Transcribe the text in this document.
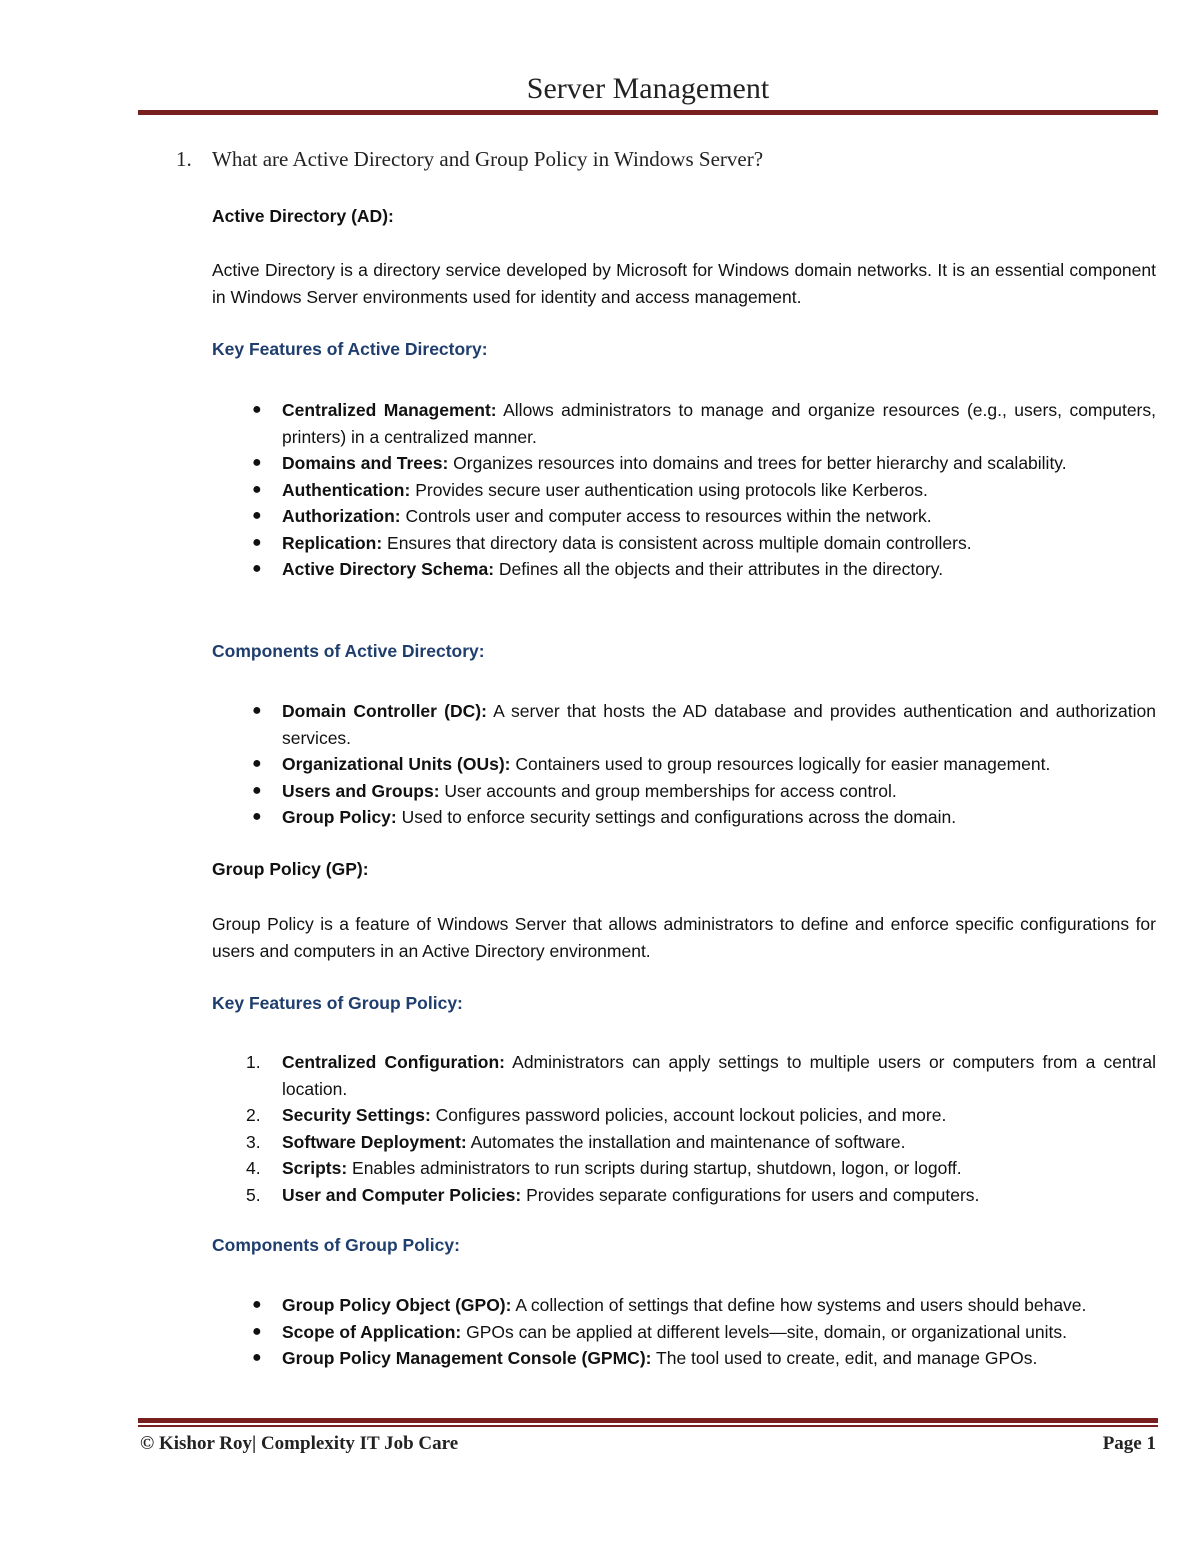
Server Management
1. What are Active Directory and Group Policy in Windows Server?
Active Directory (AD):

Active Directory is a directory service developed by Microsoft for Windows domain networks. It is an essential component in Windows Server environments used for identity and access management.

Key Features of Active Directory:
● Centralized Management: Allows administrators to manage and organize resources (e.g., users, computers, printers) in a centralized manner.
● Domains and Trees: Organizes resources into domains and trees for better hierarchy and scalability.
● Authentication: Provides secure user authentication using protocols like Kerberos.
● Authorization: Controls user and computer access to resources within the network.
● Replication: Ensures that directory data is consistent across multiple domain controllers.
● Active Directory Schema: Defines all the objects and their attributes in the directory.
Components of Active Directory:
● Domain Controller (DC): A server that hosts the AD database and provides authentication and authorization services.
● Organizational Units (OUs): Containers used to group resources logically for easier management.
● Users and Groups: User accounts and group memberships for access control.
● Group Policy: Used to enforce security settings and configurations across the domain.
Group Policy (GP):

Group Policy is a feature of Windows Server that allows administrators to define and enforce specific configurations for users and computers in an Active Directory environment.

Key Features of Group Policy:
1. Centralized Configuration: Administrators can apply settings to multiple users or computers from a central location.
2. Security Settings: Configures password policies, account lockout policies, and more.
3. Software Deployment: Automates the installation and maintenance of software.
4. Scripts: Enables administrators to run scripts during startup, shutdown, logon, or logoff.
5. User and Computer Policies: Provides separate configurations for users and computers.
Components of Group Policy:
● Group Policy Object (GPO): A collection of settings that define how systems and users should behave.
● Scope of Application: GPOs can be applied at different levels—site, domain, or organizational units.
● Group Policy Management Console (GPMC): The tool used to create, edit, and manage GPOs.
© Kishor Roy| Complexity IT Job Care	Page 1
